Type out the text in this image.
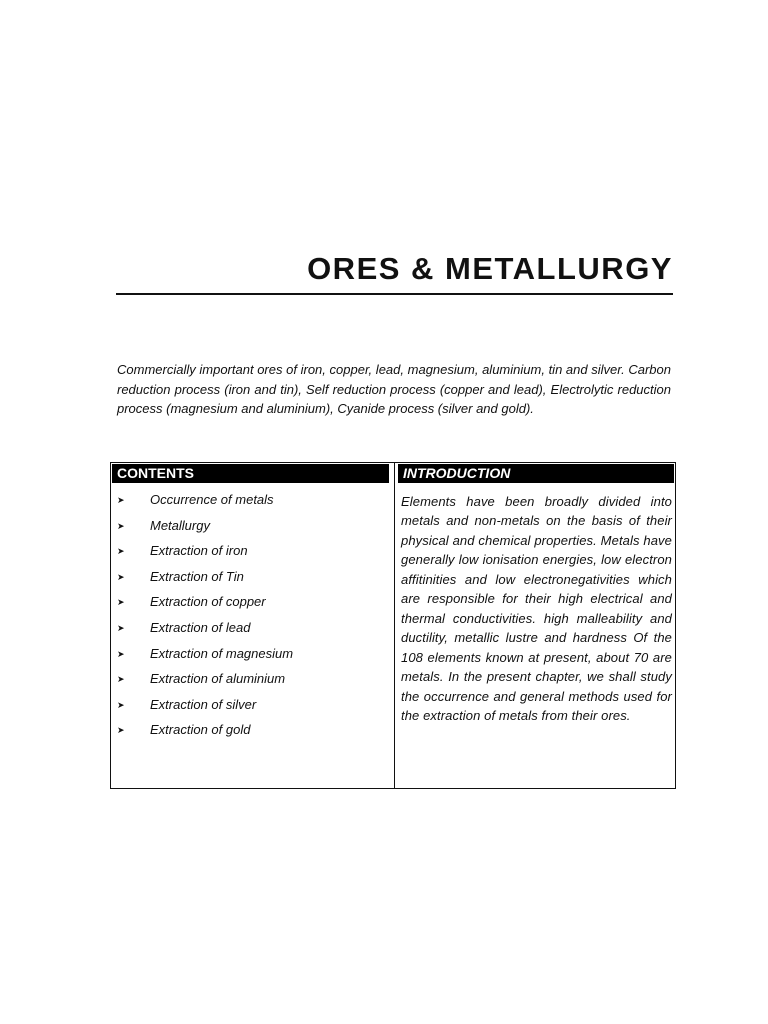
ORES & METALLURGY

Commercially important ores of iron, copper, lead, magnesium, aluminium, tin and silver. Carbon reduction process (iron and tin), Self reduction process (copper and lead), Electrolytic reduction process (magnesium and aluminium), Cyanide process (silver and gold).

CONTENTS	INTRODUCTION
➤ Occurrence of metals
➤ Metallurgy
➤ Extraction of iron
➤ Extraction of Tin
➤ Extraction of copper
➤ Extraction of lead
➤ Extraction of magnesium
➤ Extraction of aluminium
➤ Extraction of silver
➤ Extraction of gold

Elements have been broadly divided into metals and non-metals on the basis of their physical and chemical properties. Metals have generally low ionisation energies, low electron affitinities and low electronegativities which are responsible for their high electrical and thermal conductivities. high malleability and ductility, metallic lustre and hardness Of the 108 elements known at present, about 70 are metals. In the present chapter, we shall study the occurrence and general methods used for the extraction of metals from their ores.
